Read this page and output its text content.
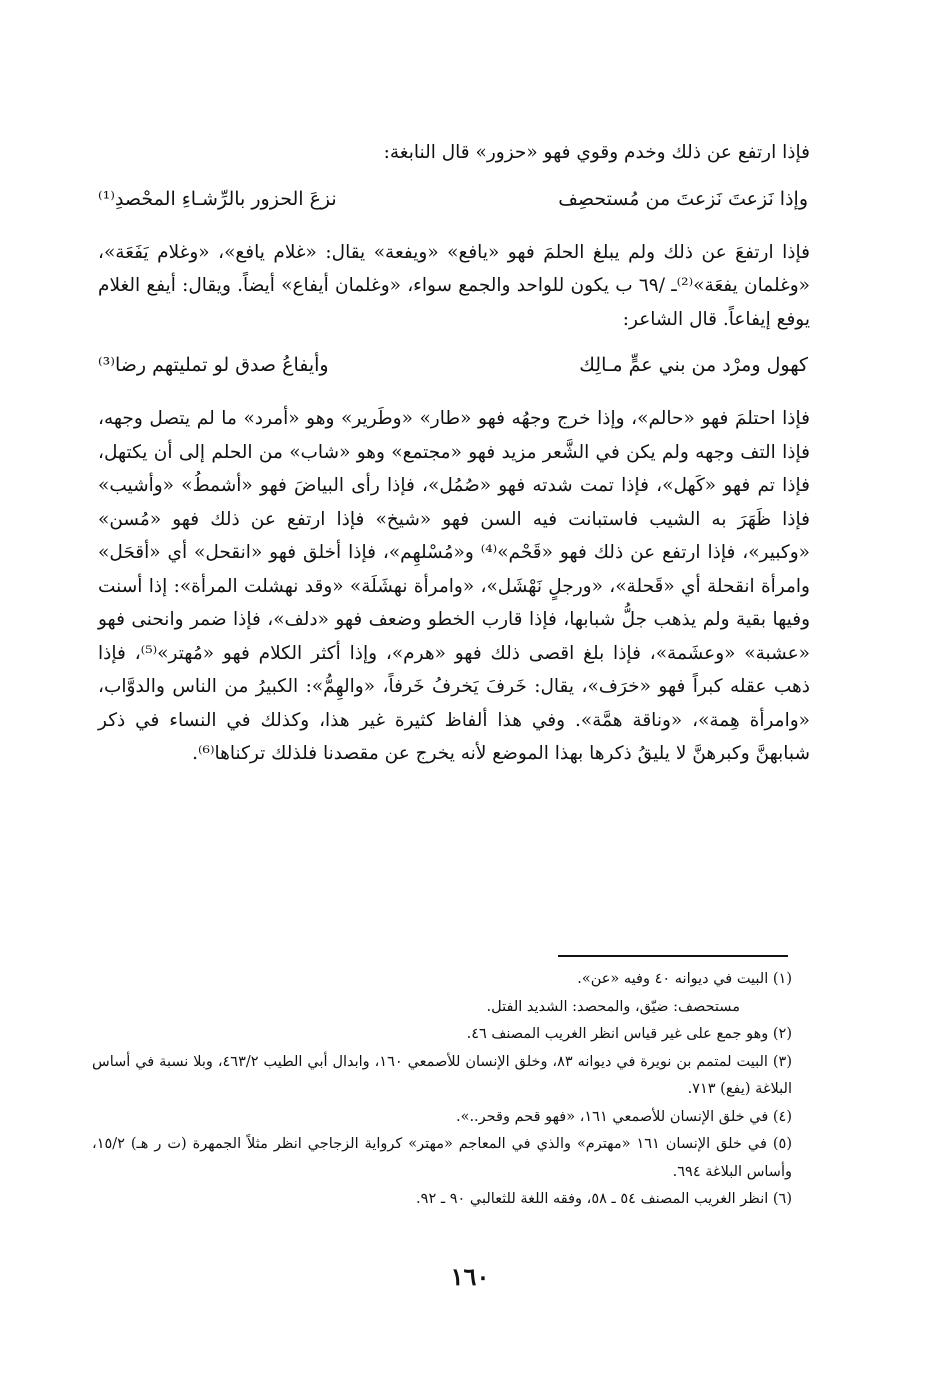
فإذا ارتفع عن ذلك وخدم وقوي فهو «حزور» قال النابغة:

وإذا نَزعتَ نَزعتَ من مُستحصِف
نزعَ الحزور بالرِّشـاءِ المحْصدِ⁽¹⁾

فإذا ارتفعَ عن ذلك ولم يبلغ الحلمَ فهو «يافع» «ويفعة» يقال: «غلام يافع»، «وغلام يَفَعَة»، «وغلمان يفعَة»⁽²⁾ـ /٦٩ ب يكون للواحد والجمع سواء، «وغلمان أيفاع» أيضاً. ويقال: أيفع الغلام يوفع إيفاعاً. قال الشاعر:

كهول ومرْد من بني عمٍّ مـالِك
وأيفاعُ صدق لو تمليتهم رضا⁽³⁾

فإذا احتلمَ فهو «حالم»، وإذا خرج وجهُه فهو «طار» «وطَرير» وهو «أمرد» ما لم يتصل وجهه، فإذا التف وجهه ولم يكن في الشَّعر مزيد فهو «مجتمع» وهو «شاب» من الحلم إلى أن يكتهل، فإذا تم فهو «كَهل»، فإذا تمت شدته فهو «صُمُل»، فإذا رأى البياضَ فهو «أشمطُ» «وأشيب» فإذا ظَهَرَ به الشيب فاستبانت فيه السن فهو «شيخ» فإذا ارتفع عن ذلك فهو «مُسن» «وكبير»، فإذا ارتفع عن ذلك فهو «قَحْم»⁽⁴⁾ و«مُسْلهِم»، فإذا أخلق فهو «انقحل» أي «أقحَل» وامرأة انقحلة أي «قَحلة»، «ورجلٍ نَهْشَل»، «وامرأة نهشَلَة» «وقد نهشلت المرأة»: إذا أسنت وفيها بقية ولم يذهب جلُّ شبابها، فإذا قارب الخطو وضعف فهو «دلف»، فإذا ضمر وانحنى فهو «عشبة» «وعشَمة»، فإذا بلغ اقصى ذلك فهو «هرم»، وإذا أكثر الكلام فهو «مُهتر»⁽⁵⁾، فإذا ذهب عقله كبراً فهو «خرَف»، يقال: خَرفَ يَخرفُ خَرفاً، «والهِمُّ»: الكبيرُ من الناس والدوَّاب، «وامرأة هِمة»، «وناقة همَّة». وفي هذا ألفاظ كثيرة غير هذا، وكذلك في النساء في ذكر شبابهنَّ وكبرهنَّ لا يليقُ ذكرها بهذا الموضع لأنه يخرج عن مقصدنا فلذلك تركناها⁽⁶⁾.

(١) البيت في ديوانه ٤٠ وفيه «عن».

مستحصف: ضيّق، والمحصد: الشديد الفتل.

(٢) وهو جمع على غير قياس انظر الغريب المصنف ٤٦.

(٣) البيت لمتمم بن نويرة في ديوانه ٨٣، وخلق الإنسان للأصمعي ١٦٠، وابدال أبي الطيب ٤٦٣/٢، وبلا نسبة في أساس البلاغة (يفع) ٧١٣.

(٤) في خلق الإنسان للأصمعي ١٦١، «فهو قحم وقحر..».

(٥) في خلق الإنسان ١٦١ «مهترم» والذي في المعاجم «مهتر» كرواية الزجاجي انظر مثلاً الجمهرة (ت ر هـ) ١٥/٢، وأساس البلاغة ٦٩٤.

(٦) انظر الغريب المصنف ٥٤ ـ ٥٨، وفقه اللغة للثعالبي ٩٠ ـ ٩٢.

١٦٠
